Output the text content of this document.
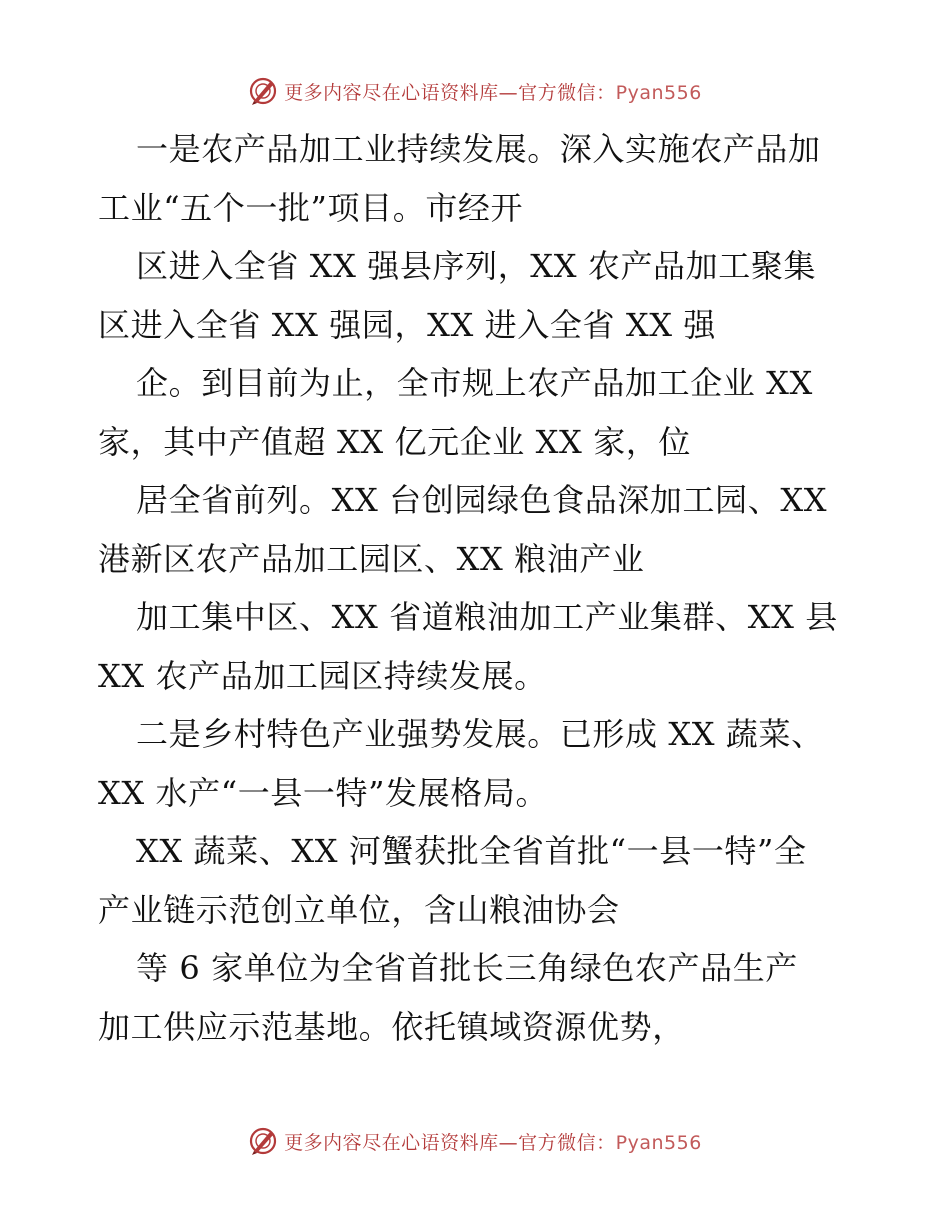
更多内容尽在心语资料库—官方微信：Pyan556
一是农产品加工业持续发展。深入实施农产品加
工业“五个一批”项目。市经开
区进入全省 XX 强县序列，XX 农产品加工聚集
区进入全省 XX 强园，XX 进入全省 XX 强
企。到目前为止，全市规上农产品加工企业 XX
家，其中产值超 XX 亿元企业 XX 家，位
居全省前列。XX 台创园绿色食品深加工园、XX
港新区农产品加工园区、XX 粮油产业
加工集中区、XX 省道粮油加工产业集群、XX 县
XX 农产品加工园区持续发展。
二是乡村特色产业强势发展。已形成 XX 蔬菜、
XX 水产“一县一特”发展格局。
XX 蔬菜、XX 河蟹获批全省首批“一县一特”全
产业链示范创立单位，含山粮油协会
等 6 家单位为全省首批长三角绿色农产品生产
加工供应示范基地。依托镇域资源优势，
更多内容尽在心语资料库—官方微信：Pyan556
